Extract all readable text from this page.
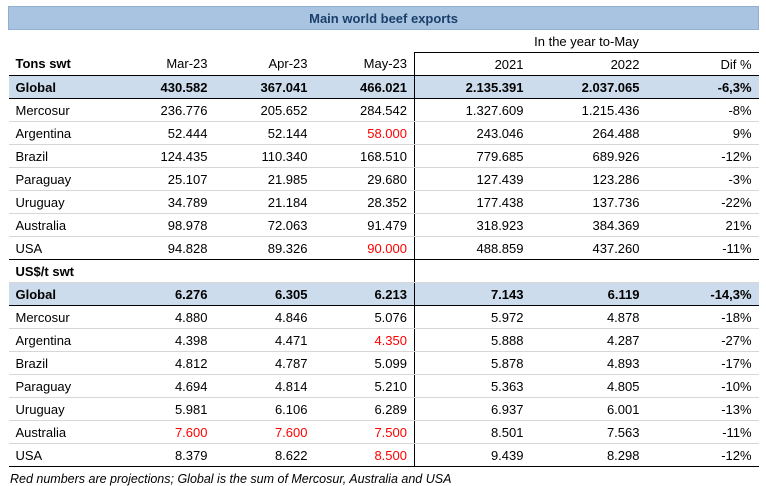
Main world beef exports						
				In the year to-May		
Tons swt	Mar-23	Apr-23	May-23	2021	2022	Dif %
Global	430.582	367.041	466.021	2.135.391	2.037.065	-6,3%
Mercosur	236.776	205.652	284.542	1.327.609	1.215.436	-8%
Argentina	52.444	52.144	58.000	243.046	264.488	9%
Brazil	124.435	110.340	168.510	779.685	689.926	-12%
Paraguay	25.107	21.985	29.680	127.439	123.286	-3%
Uruguay	34.789	21.184	28.352	177.438	137.736	-22%
Australia	98.978	72.063	91.479	318.923	384.369	21%
USA	94.828	89.326	90.000	488.859	437.260	-11%
US$/t swt						
Global	6.276	6.305	6.213	7.143	6.119	-14,3%
Mercosur	4.880	4.846	5.076	5.972	4.878	-18%
Argentina	4.398	4.471	4.350	5.888	4.287	-27%
Brazil	4.812	4.787	5.099	5.878	4.893	-17%
Paraguay	4.694	4.814	5.210	5.363	4.805	-10%
Uruguay	5.981	6.106	6.289	6.937	6.001	-13%
Australia	7.600	7.600	7.500	8.501	7.563	-11%
USA	8.379	8.622	8.500	9.439	8.298	-12%
Red numbers are projections; Global is the sum of Mercosur, Australia and USA
